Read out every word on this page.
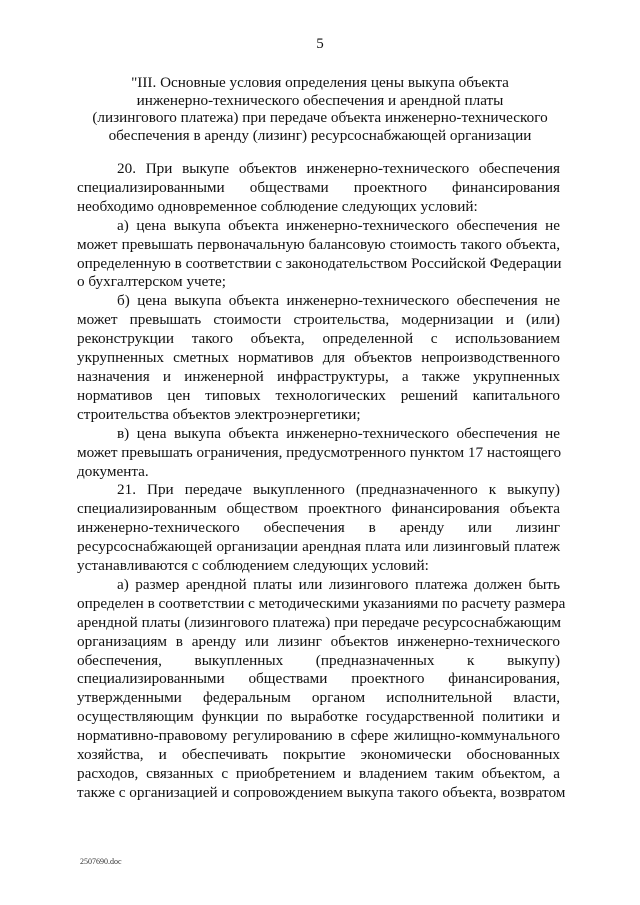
5
"III. Основные условия определения цены выкупа объекта
инженерно-технического обеспечения и арендной платы
(лизингового платежа) при передаче объекта инженерно-технического
обеспечения в аренду (лизинг) ресурсоснабжающей организации
20. При выкупе объектов инженерно-технического обеспечения
специализированными обществами проектного финансирования
необходимо одновременное соблюдение следующих условий:
а) цена выкупа объекта инженерно-технического обеспечения не
может превышать первоначальную балансовую стоимость такого объекта,
определенную в соответствии с законодательством Российской Федерации
о бухгалтерском учете;
б) цена выкупа объекта инженерно-технического обеспечения не
может превышать стоимости строительства, модернизации и (или)
реконструкции такого объекта, определенной с использованием
укрупненных сметных нормативов для объектов непроизводственного
назначения и инженерной инфраструктуры, а также укрупненных
нормативов цен типовых технологических решений капитального
строительства объектов электроэнергетики;
в) цена выкупа объекта инженерно-технического обеспечения не
может превышать ограничения, предусмотренного пунктом 17 настоящего
документа.
21. При передаче выкупленного (предназначенного к выкупу)
специализированным обществом проектного финансирования объекта
инженерно-технического обеспечения в аренду или лизинг
ресурсоснабжающей организации арендная плата или лизинговый платеж
устанавливаются с соблюдением следующих условий:
а) размер арендной платы или лизингового платежа должен быть
определен в соответствии с методическими указаниями по расчету размера
арендной платы (лизингового платежа) при передаче ресурсоснабжающим
организациям в аренду или лизинг объектов инженерно-технического
обеспечения, выкупленных (предназначенных к выкупу)
специализированными обществами проектного финансирования,
утвержденными федеральным органом исполнительной власти,
осуществляющим функции по выработке государственной политики и
нормативно-правовому регулированию в сфере жилищно-коммунального
хозяйства, и обеспечивать покрытие экономически обоснованных
расходов, связанных с приобретением и владением таким объектом, а
также с организацией и сопровождением выкупа такого объекта, возвратом
2507690.doc
